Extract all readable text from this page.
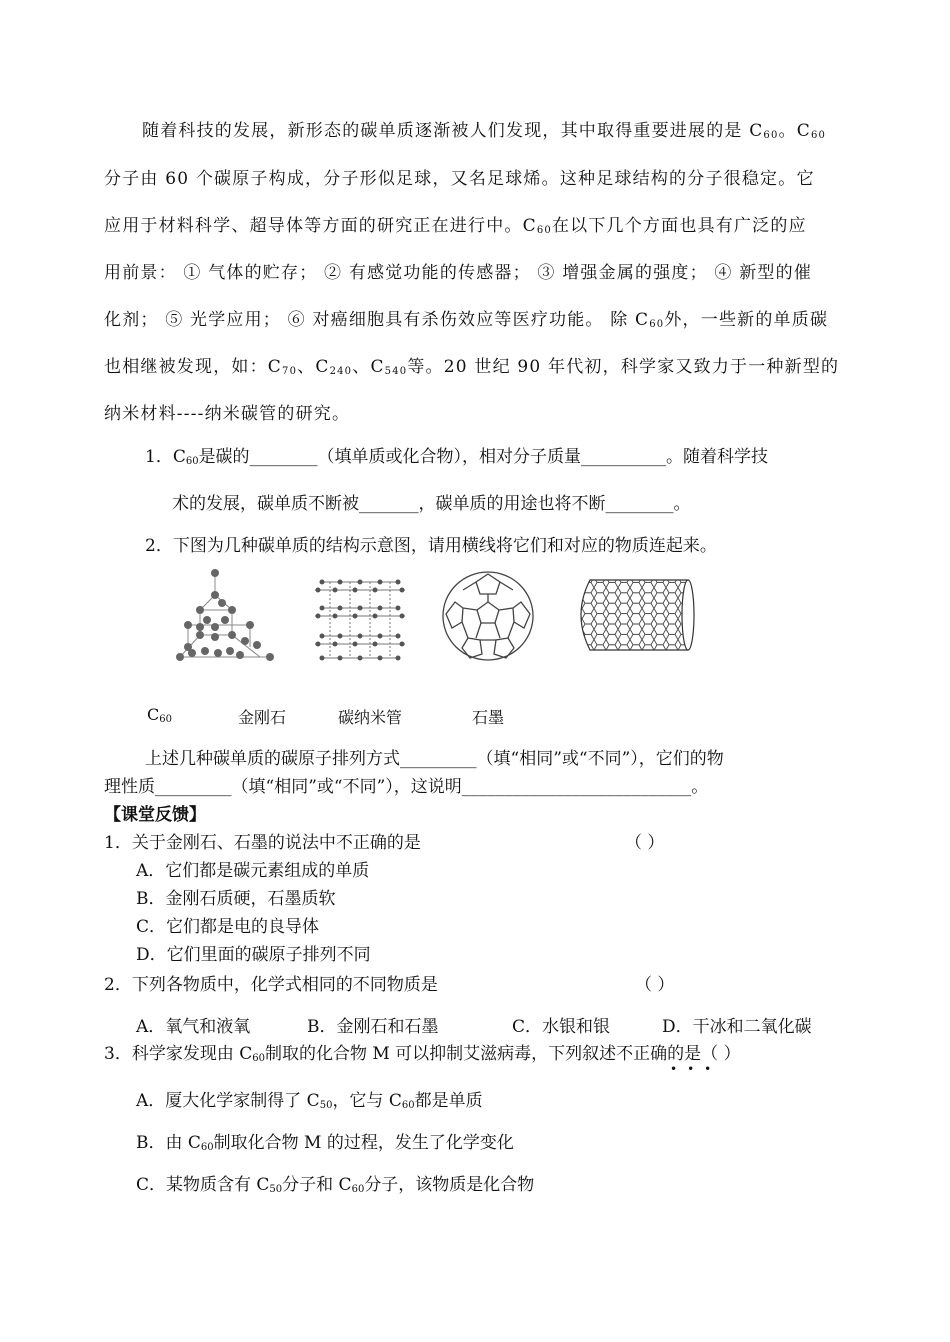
随着科技的发展，新形态的碳单质逐渐被人们发现，其中取得重要进展的是 $C_{60}$。$C_{60}$
分子由 60 个碳原子构成，分子形似足球，又名足球烯。这种足球结构的分子很稳定。它
应用于材料科学、超导体等方面的研究正在进行中。$C_{60}$在以下几个方面也具有广泛的应
用前景： ① 气体的贮存； ② 有感觉功能的传感器； ③ 增强金属的强度； ④ 新型的催
化剂； ⑤ 光学应用； ⑥ 对癌细胞具有杀伤效应等医疗功能。 除 $C_{60}$外，一些新的单质碳
也相继被发现，如：$C_{70}$、$C_{240}$、$C_{540}$等。20 世纪 90 年代初，科学家又致力于一种新型的
纳米材料----纳米碳管的研究。
1．$C_{60}$是碳的________（填单质或化合物），相对分子质量__________。随着科学技
术的发展，碳单质不断被_______，碳单质的用途也将不断________。
2．下图为几种碳单质的结构示意图，请用横线将它们和对应的物质连起来。
$C_{60}$	金刚石	碳纳米管	石墨
上述几种碳单质的碳原子排列方式_________（填“相同”或“不同”），它们的物
理性质_________（填“相同”或“不同”），这说明___________________________。
【课堂反馈】
1．关于金刚石、石墨的说法中不正确的是	（ ）
A．它们都是碳元素组成的单质
B．金刚石质硬，石墨质软
C．它们都是电的良导体
D．它们里面的碳原子排列不同
2．下列各物质中，化学式相同的不同物质是	（ ）
A．氧气和液氧	B．金刚石和石墨	C．水银和银	D．干冰和二氧化碳
3．科学家发现由 $C_{60}$制取的化合物 M 可以抑制艾滋病毒，下列叙述不正确的是（ ）
•••
A．厦大化学家制得了 $C_{50}$，它与 $C_{60}$都是单质
B．由 $C_{60}$制取化合物 M 的过程，发生了化学变化
C．某物质含有 $C_{50}$分子和 $C_{60}$分子，该物质是化合物
